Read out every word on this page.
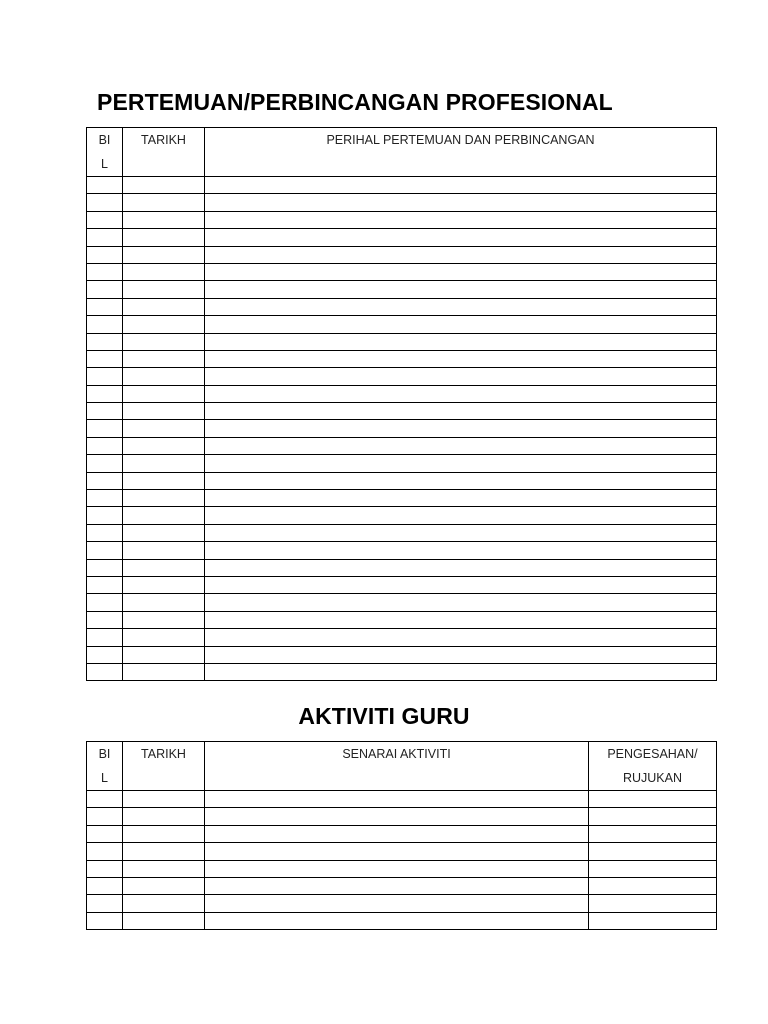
PERTEMUAN/PERBINCANGAN PROFESIONAL
BIL	TARIKH	PERIHAL PERTEMUAN DAN PERBINCANGAN

AKTIVITI GURU
BIL	TARIKH	SENARAI AKTIVITI	PENGESAHAN/ RUJUKAN
